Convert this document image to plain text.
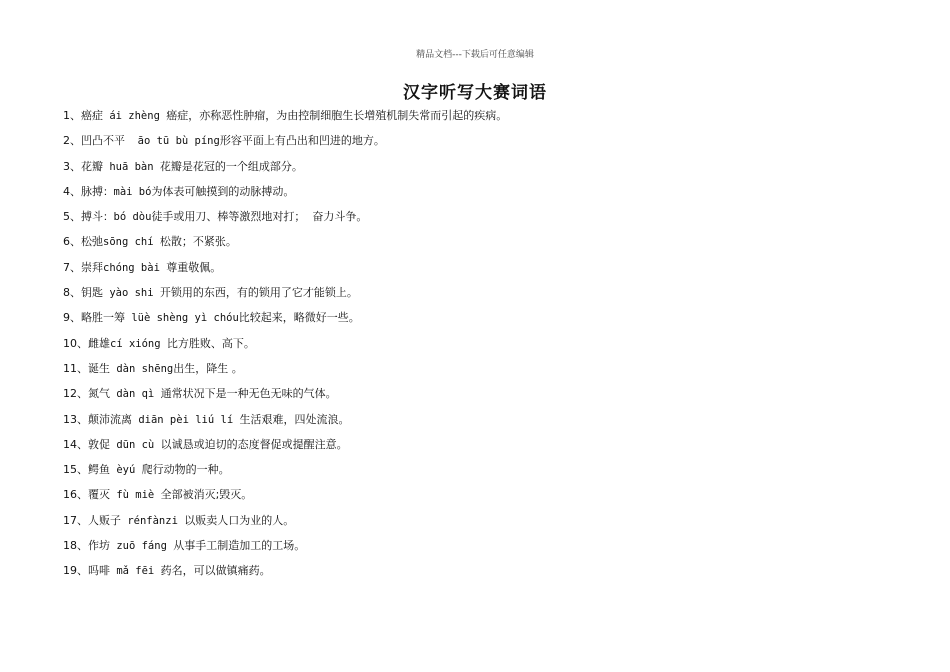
精品文档---下载后可任意编辑
汉字听写大赛词语
1、癌症 ái zhèng 癌症，亦称恶性肿瘤，为由控制细胞生长增殖机制失常而引起的疾病。
2、凹凸不平  āo tū bù píng形容平面上有凸出和凹进的地方。
3、花瓣 huā bàn 花瓣是花冠的一个组成部分。
4、脉搏：mài bó为体表可触摸到的动脉搏动。
5、搏斗：bó dòu徒手或用刀、棒等激烈地对打；  奋力斗争。
6、松弛sōng chí 松散；不紧张。
7、崇拜chóng bài 尊重敬佩。
8、钥匙 yào shi 开锁用的东西，有的锁用了它才能锁上。
9、略胜一筹 lüè shèng yì chóu比较起来，略微好一些。
10、雌雄cí xióng 比方胜败、高下。
11、诞生 dàn shēng出生，降生 。
12、氮气 dàn qì 通常状况下是一种无色无味的气体。
13、颠沛流离 diān pèi liú lí 生活艰难，四处流浪。
14、敦促 dūn cù 以诚恳或迫切的态度督促或提醒注意。
15、鳄鱼 èyú 爬行动物的一种。
16、覆灭 fù miè 全部被消灭;毁灭。
17、人贩子 rénfànzi 以贩卖人口为业的人。
18、作坊 zuō fáng 从事手工制造加工的工场。
19、吗啡 mǎ fēi 药名，可以做镇痛药。
